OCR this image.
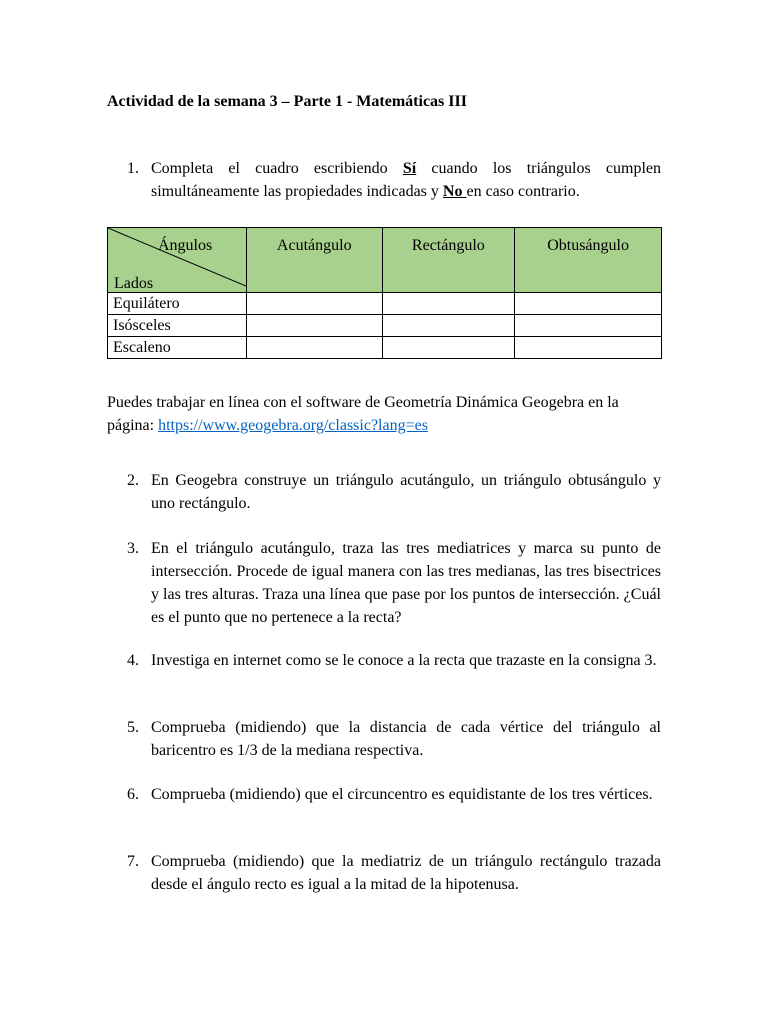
Actividad de la semana 3 – Parte 1 - Matemáticas III
1. Completa el cuadro escribiendo Sí cuando los triángulos cumplen simultáneamente las propiedades indicadas y No en caso contrario.
Ángulos
Lados	Acutángulo	Rectángulo	Obtusángulo
Equilátero			
Isósceles			
Escaleno			
Puedes trabajar en línea con el software de Geometría Dinámica Geogebra en la página: https://www.geogebra.org/classic?lang=es
2. En Geogebra construye un triángulo acutángulo, un triángulo obtusángulo y uno rectángulo.
3. En el triángulo acutángulo, traza las tres mediatrices y marca su punto de intersección. Procede de igual manera con las tres medianas, las tres bisectrices y las tres alturas. Traza una línea que pase por los puntos de intersección. ¿Cuál es el punto que no pertenece a la recta?
4. Investiga en internet como se le conoce a la recta que trazaste en la consigna 3.
5. Comprueba (midiendo) que la distancia de cada vértice del triángulo al baricentro es 1/3 de la mediana respectiva.
6. Comprueba (midiendo) que el circuncentro es equidistante de los tres vértices.
7. Comprueba (midiendo) que la mediatriz de un triángulo rectángulo trazada desde el ángulo recto es igual a la mitad de la hipotenusa.
